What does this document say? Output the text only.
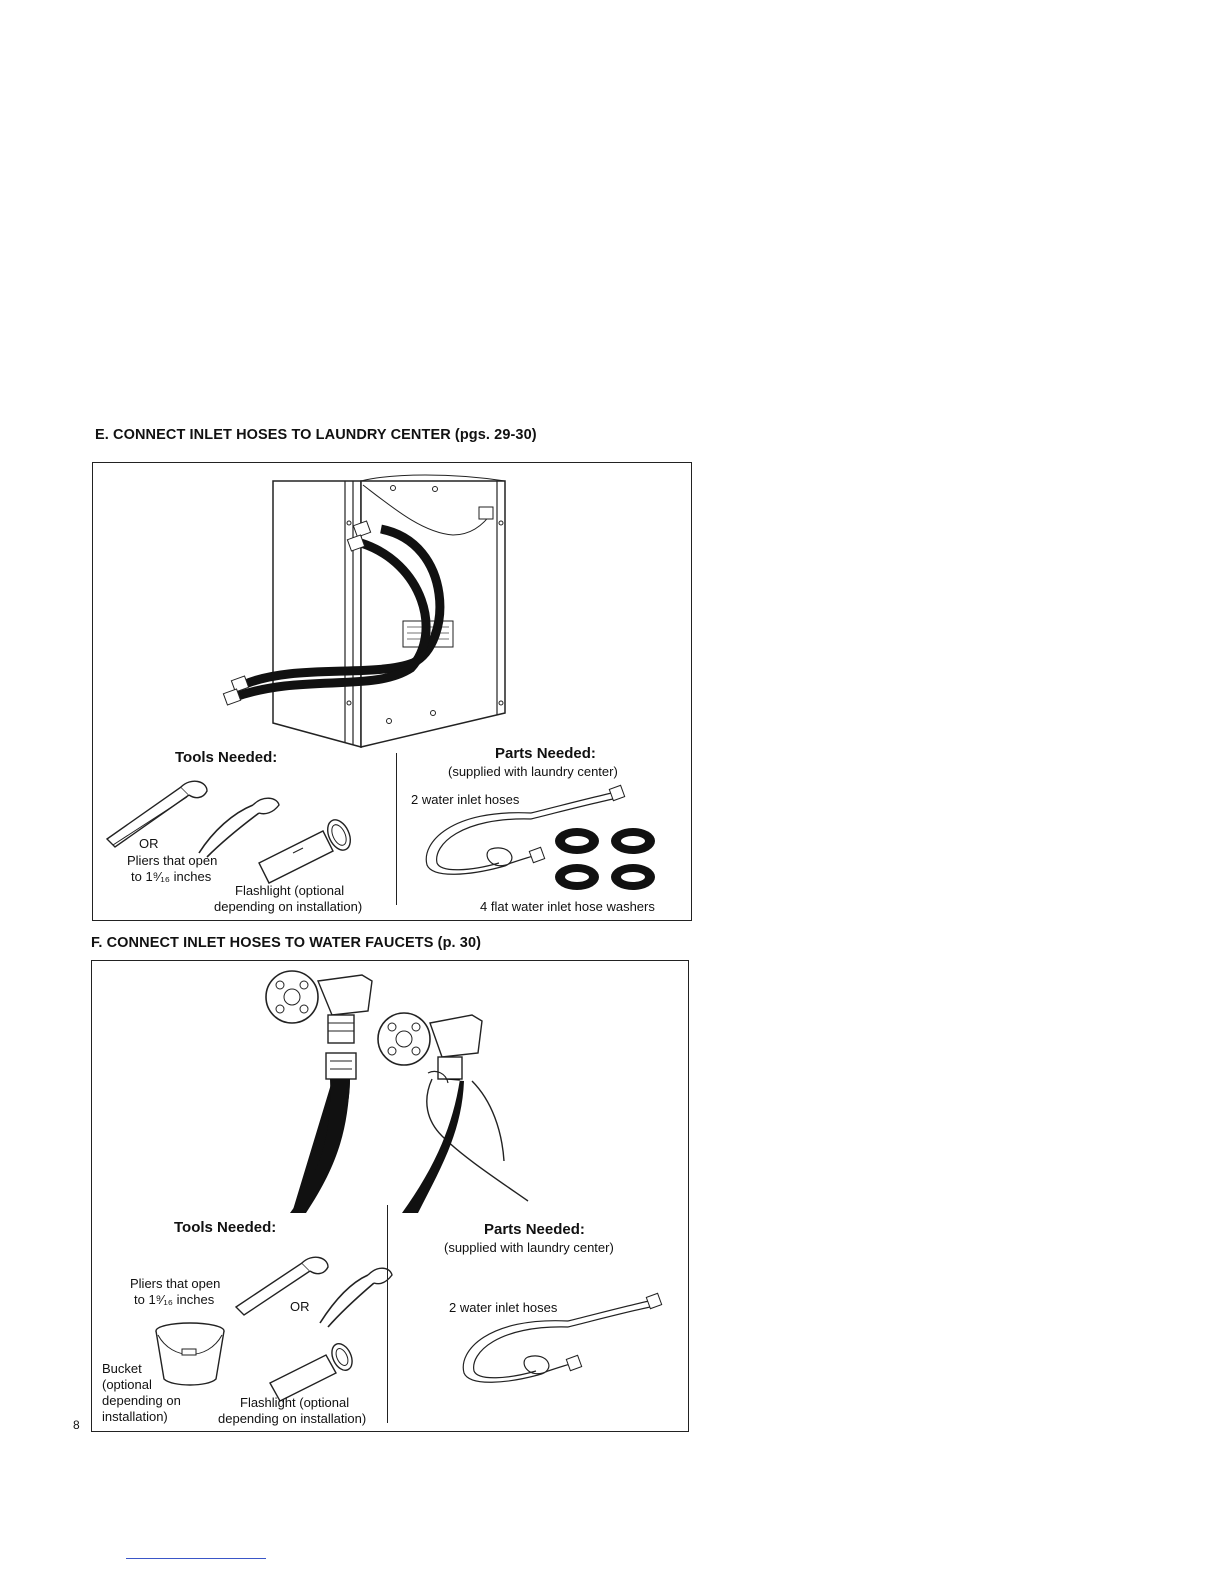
E. CONNECT INLET HOSES TO LAUNDRY CENTER (pgs. 29-30)
Tools Needed:
OR
Pliers that open
to 1⁹⁄₁₆ inches
Flashlight (optional
depending on installation)
Parts Needed:
(supplied with laundry center)
2 water inlet hoses
4 flat water inlet hose washers
F. CONNECT INLET HOSES TO WATER FAUCETS (p. 30)
Tools Needed:
Pliers that open
to 1⁹⁄₁₆ inches	OR
Bucket
(optional
depending on
installation)
Flashlight (optional
depending on installation)
Parts Needed:
(supplied with laundry center)
2 water inlet hoses
8
